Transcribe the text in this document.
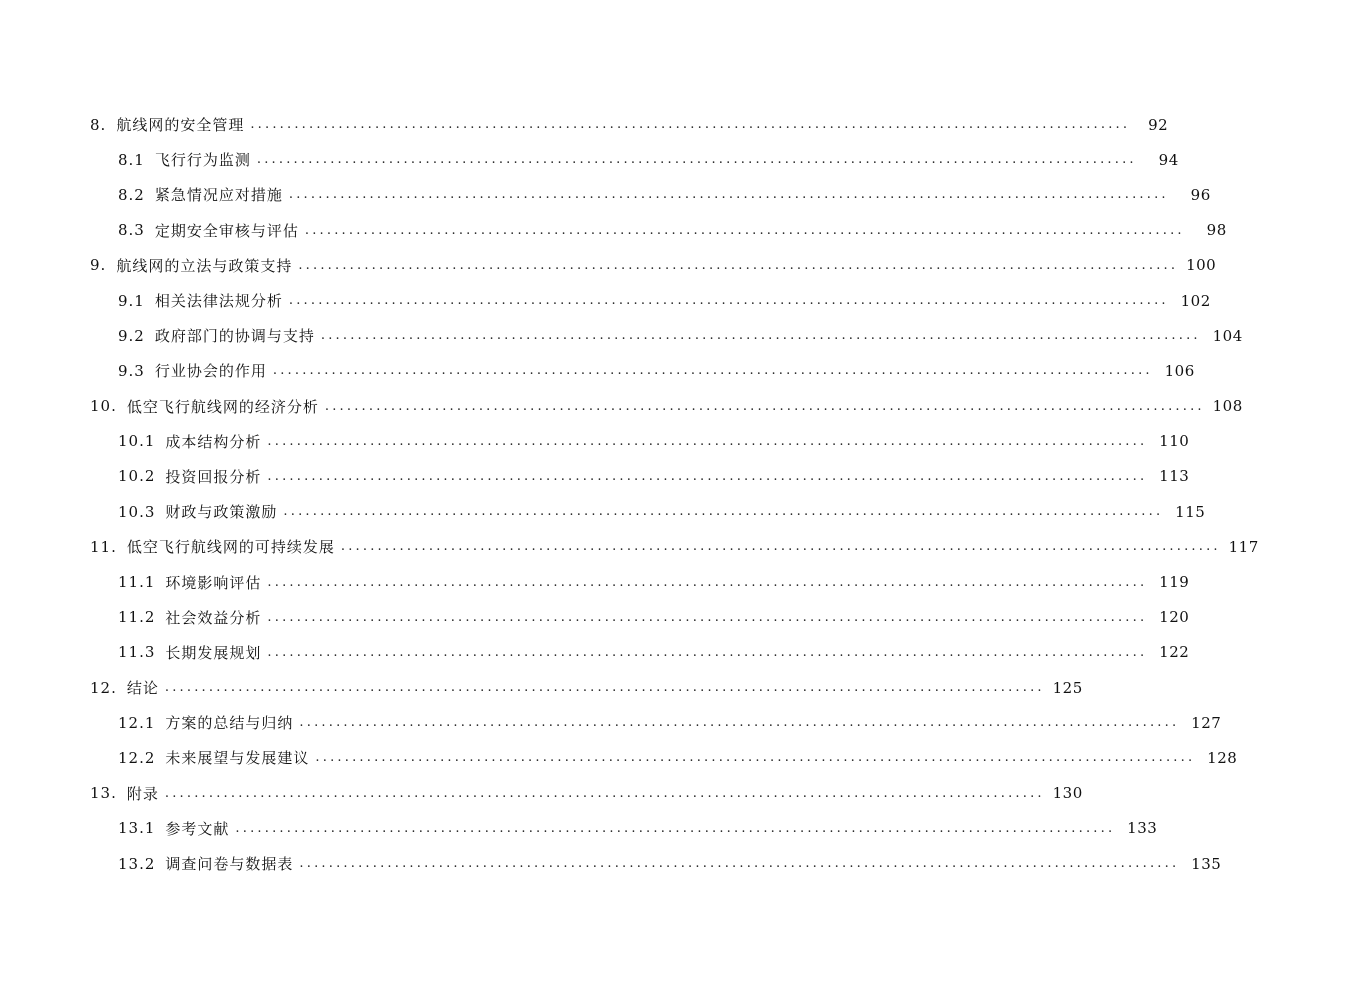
8. 航线网的安全管理 ........................................................................................................................	92
8.1 飞行行为监测 ........................................................................................................................	94
8.2 紧急情况应对措施 ........................................................................................................................	96
8.3 定期安全审核与评估 ........................................................................................................................	98
9. 航线网的立法与政策支持 ........................................................................................................................ 100
9.1 相关法律法规分析 ........................................................................................................................ 102
9.2 政府部门的协调与支持 ........................................................................................................................ 104
9.3 行业协会的作用 ........................................................................................................................ 106
10. 低空飞行航线网的经济分析 ........................................................................................................................ 108
10.1 成本结构分析 ........................................................................................................................ 110
10.2 投资回报分析 ........................................................................................................................ 113
10.3 财政与政策激励 ........................................................................................................................ 115
11. 低空飞行航线网的可持续发展 ........................................................................................................................ 117
11.1 环境影响评估 ........................................................................................................................ 119
11.2 社会效益分析 ........................................................................................................................ 120
11.3 长期发展规划 ........................................................................................................................ 122
12. 结论 ........................................................................................................................ 125
12.1 方案的总结与归纳 ........................................................................................................................ 127
12.2 未来展望与发展建议 ........................................................................................................................ 128
13. 附录 ........................................................................................................................ 130
13.1 参考文献 ........................................................................................................................ 133
13.2 调查问卷与数据表 ........................................................................................................................ 135
